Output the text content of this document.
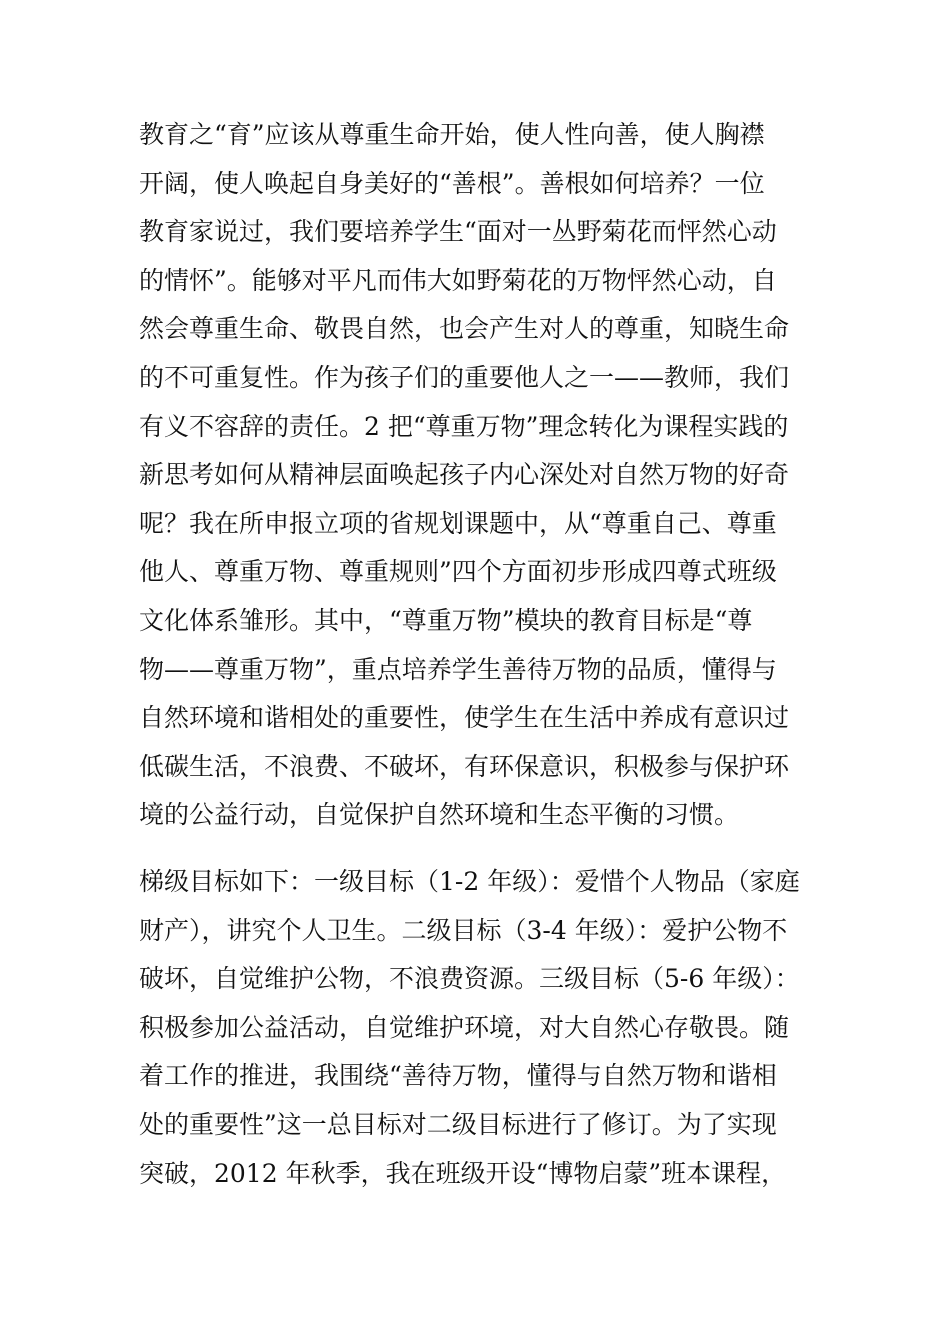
教育之“育”应该从尊重生命开始，使人性向善，使人胸襟
开阔，使人唤起自身美好的“善根”。善根如何培养？一位
教育家说过，我们要培养学生“面对一丛野菊花而怦然心动
的情怀”。能够对平凡而伟大如野菊花的万物怦然心动，自
然会尊重生命、敬畏自然，也会产生对人的尊重，知晓生命
的不可重复性。作为孩子们的重要他人之一——教师，我们
有义不容辞的责任。2 把“尊重万物”理念转化为课程实践的
新思考如何从精神层面唤起孩子内心深处对自然万物的好奇
呢？我在所申报立项的省规划课题中，从“尊重自己、尊重
他人、尊重万物、尊重规则”四个方面初步形成四尊式班级
文化体系雏形。其中，“尊重万物”模块的教育目标是“尊
物——尊重万物”，重点培养学生善待万物的品质，懂得与
自然环境和谐相处的重要性，使学生在生活中养成有意识过
低碳生活，不浪费、不破坏，有环保意识，积极参与保护环
境的公益行动，自觉保护自然环境和生态平衡的习惯。
梯级目标如下：一级目标（1-2 年级）：爱惜个人物品（家庭
财产），讲究个人卫生。二级目标（3-4 年级）：爱护公物不
破坏，自觉维护公物，不浪费资源。三级目标（5-6 年级）：
积极参加公益活动，自觉维护环境，对大自然心存敬畏。随
着工作的推进，我围绕“善待万物，懂得与自然万物和谐相
处的重要性”这一总目标对二级目标进行了修订。为了实现
突破，2012 年秋季，我在班级开设“博物启蒙”班本课程，
